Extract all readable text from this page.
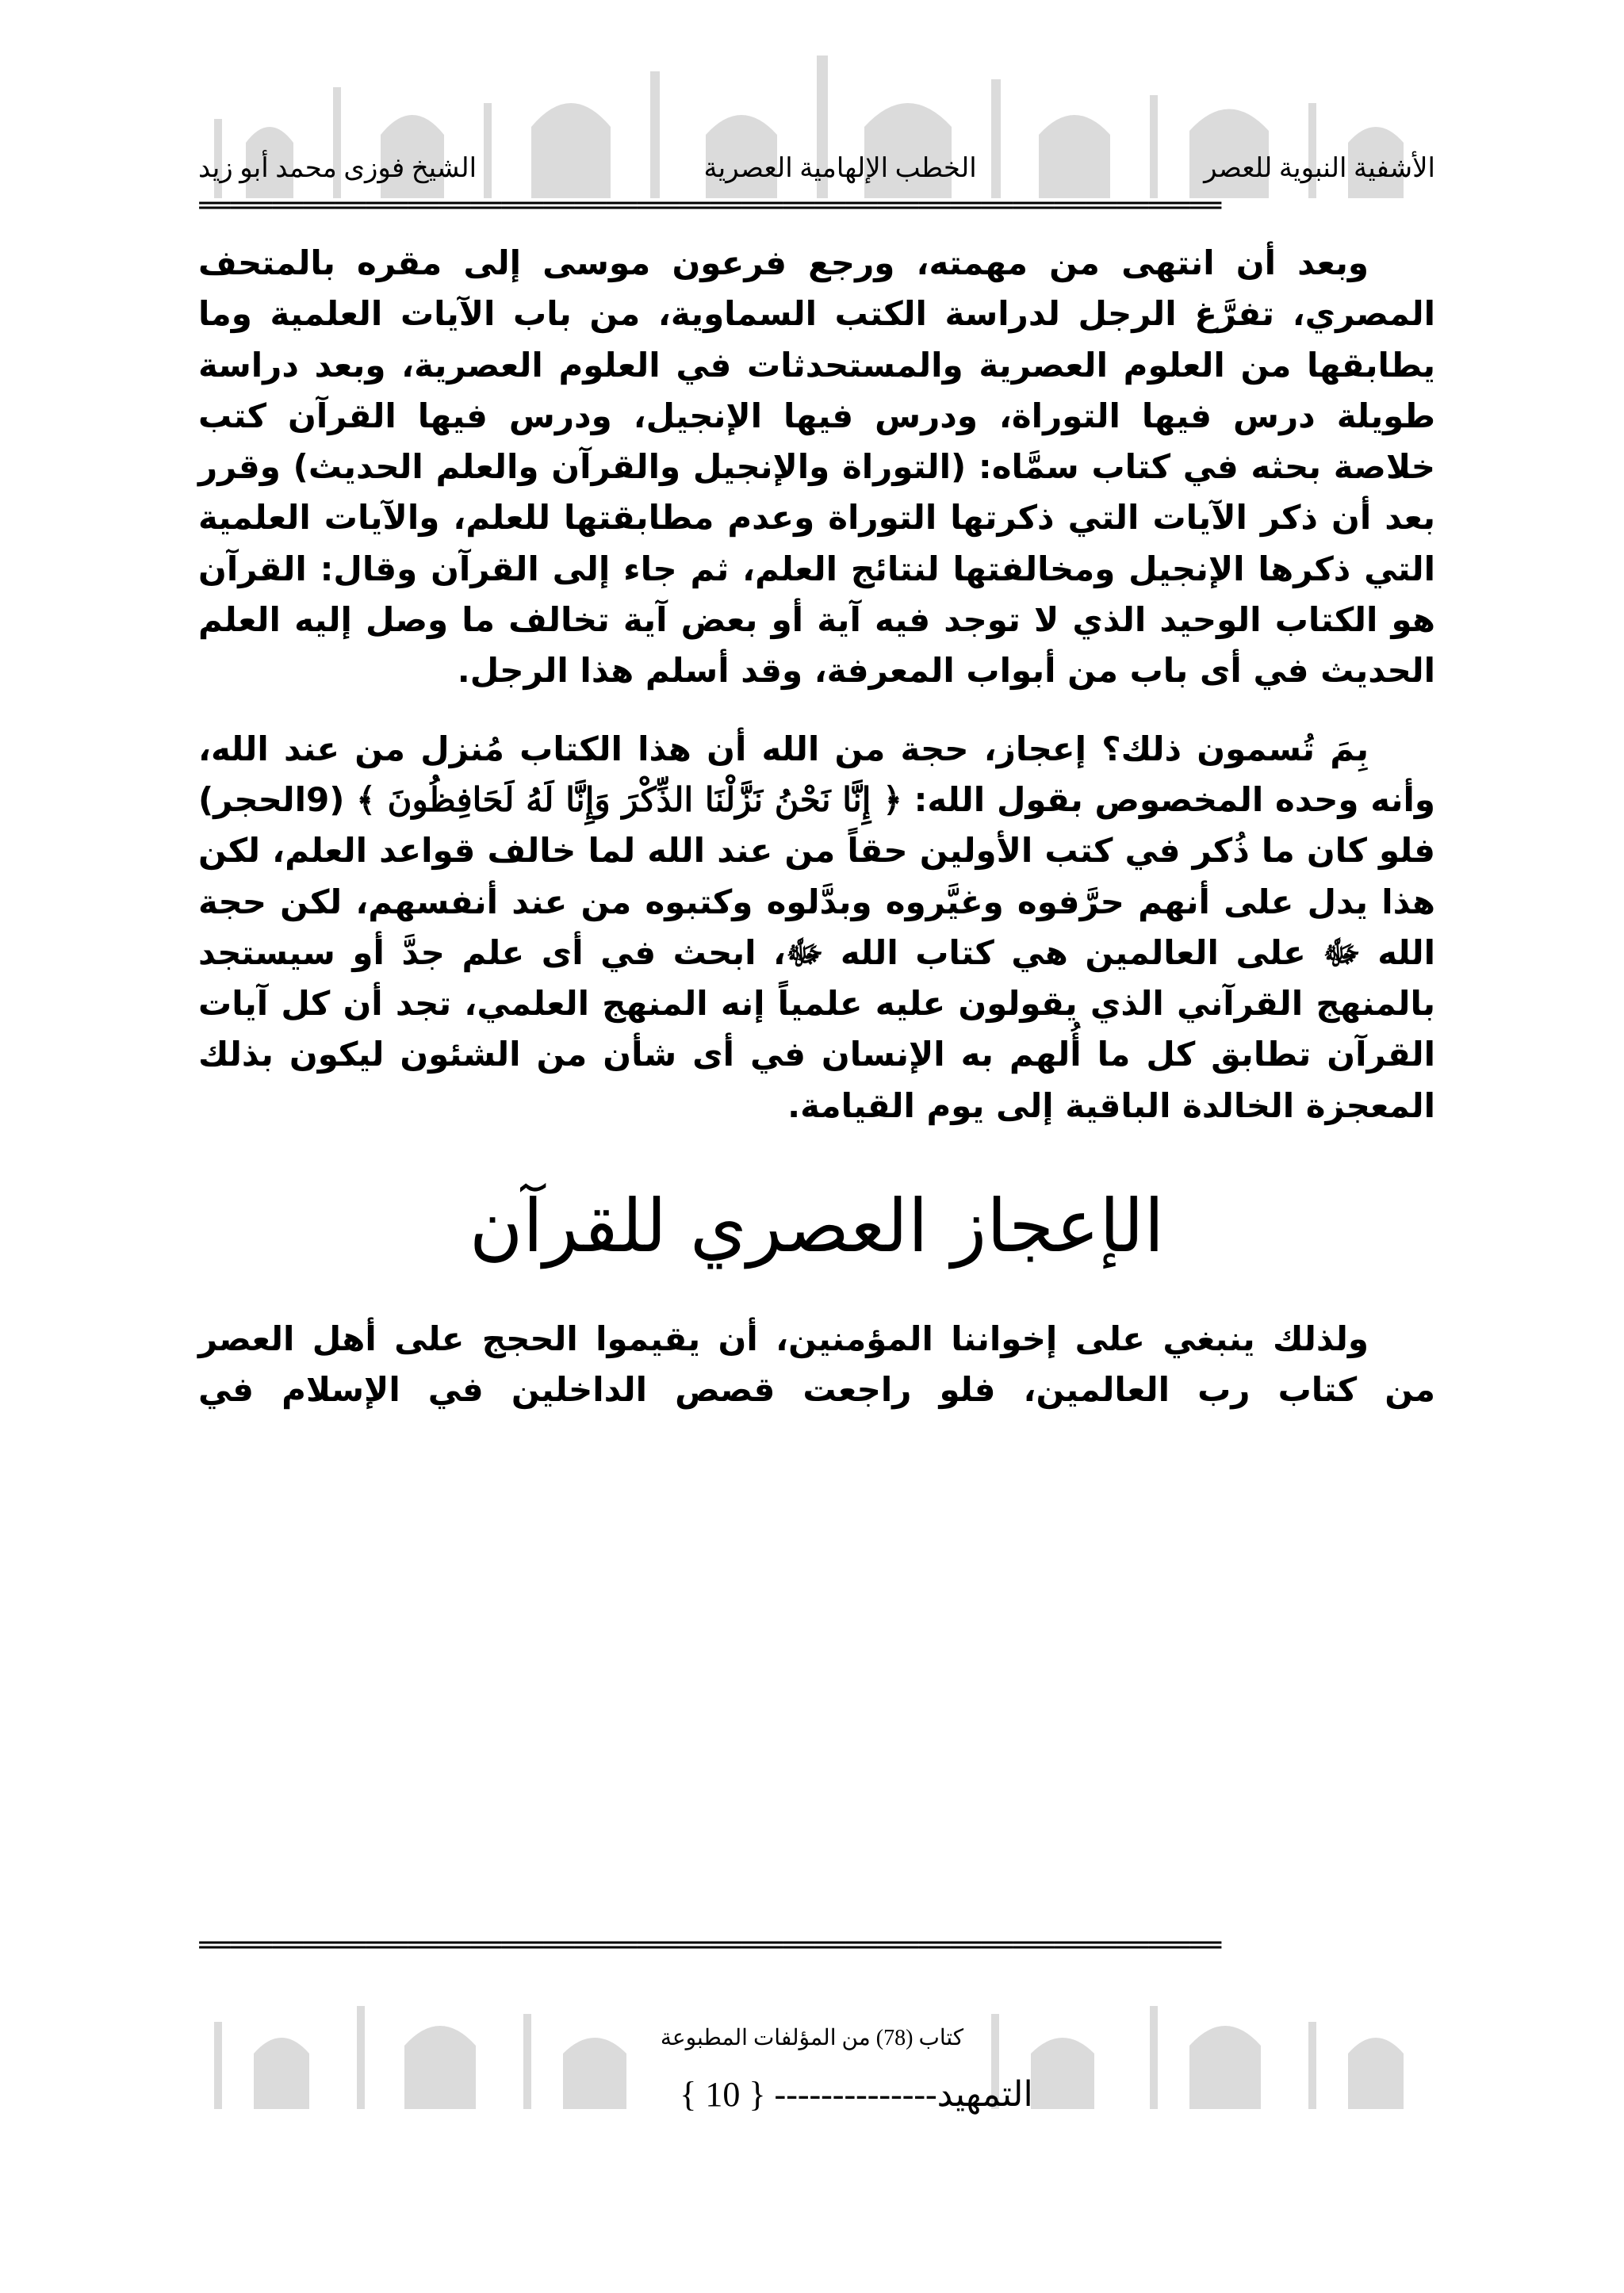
الشيخ فوزى محمد أبو زيد	الخطب الإلهامية العصرية	الأشفية النبوية للعصر
==================================================================================================

وبعد أن انتهى من مهمته، ورجع فرعون موسى إلى مقره بالمتحف المصري، تفرَّغ الرجل لدراسة الكتب السماوية، من باب الآيات العلمية وما يطابقها من العلوم العصرية والمستحدثات في العلوم العصرية، وبعد دراسة طويلة درس فيها التوراة، ودرس فيها الإنجيل، ودرس فيها القرآن كتب خلاصة بحثه في كتاب سمَّاه: (التوراة والإنجيل والقرآن والعلم الحديث) وقرر بعد أن ذكر الآيات التي ذكرتها التوراة وعدم مطابقتها للعلم، والآيات العلمية التي ذكرها الإنجيل ومخالفتها لنتائج العلم، ثم جاء إلى القرآن وقال: القرآن هو الكتاب الوحيد الذي لا توجد فيه آية أو بعض آية تخالف ما وصل إليه العلم الحديث في أى باب من أبواب المعرفة، وقد أسلم هذا الرجل.

بِمَ تُسمون ذلك؟ إعجاز، حجة من الله أن هذا الكتاب مُنزل من عند الله، وأنه وحده المخصوص بقول الله: ﴿ إِنَّا نَحْنُ نَزَّلْنَا الذِّكْرَ وَإِنَّا لَهُ لَحَافِظُونَ ﴾ (9الحجر) فلو كان ما ذُكر في كتب الأولين حقاً من عند الله لما خالف قواعد العلم، لكن هذا يدل على أنهم حرَّفوه وغيَّروه وبدَّلوه وكتبوه من عند أنفسهم، لكن حجة الله ﷻ على العالمين هي كتاب الله ﷻ، ابحث في أى علم جدَّ أو سيستجد بالمنهج القرآني الذي يقولون عليه علمياً إنه المنهج العلمي، تجد أن كل آيات القرآن تطابق كل ما أُلهم به الإنسان في أى شأن من الشئون ليكون بذلك المعجزة الخالدة الباقية إلى يوم القيامة.

الإعجاز العصري للقرآن

ولذلك ينبغي على إخواننا المؤمنين، أن يقيموا الحجج على أهل العصر من كتاب رب العالمين، فلو راجعت قصص الداخلين في الإسلام في

==================================================================================================
كتاب (78) من المؤلفات المطبوعة
التمهيد-------------- { 10 }
